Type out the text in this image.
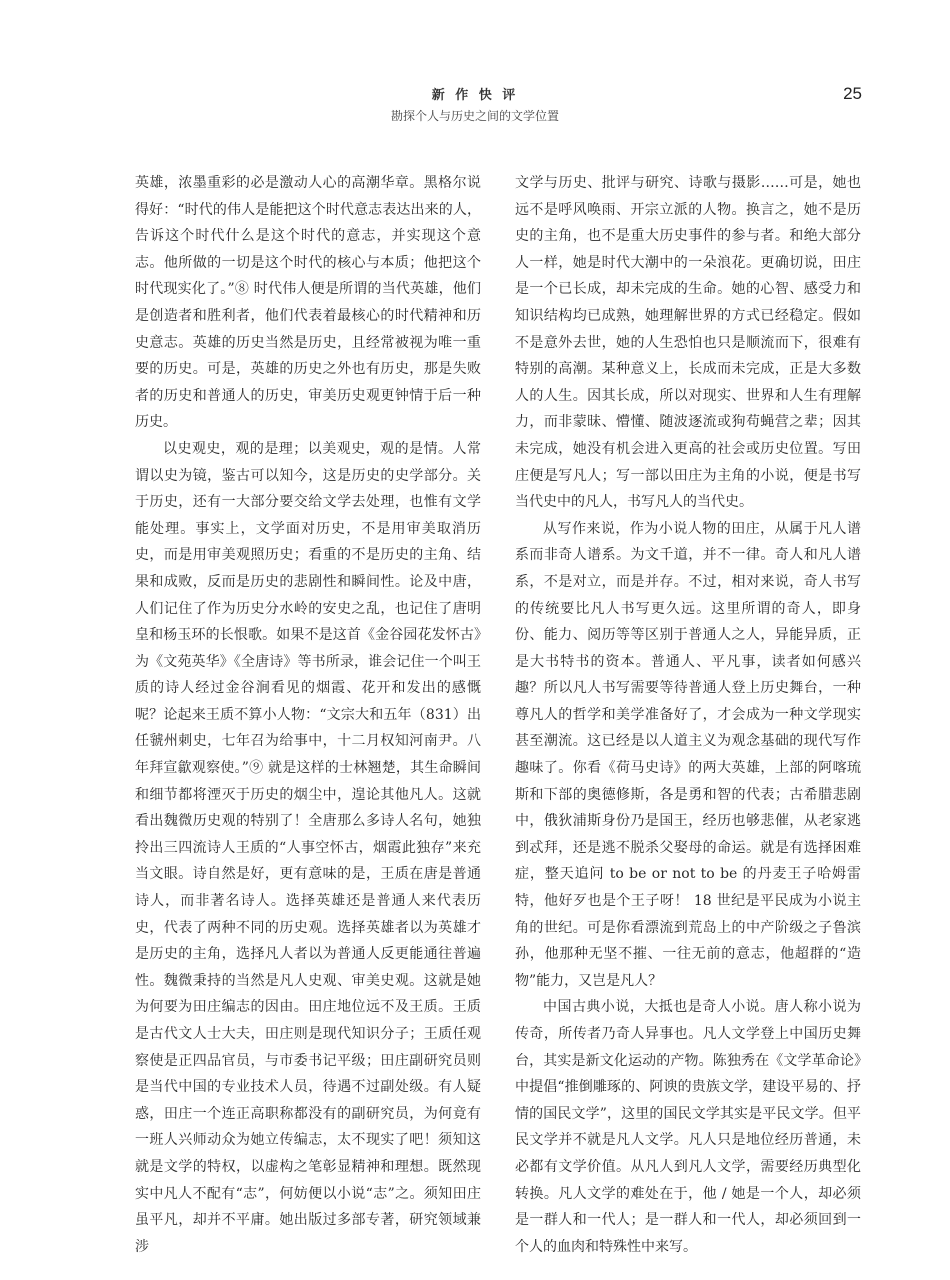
新 作 快 评
勘探个人与历史之间的文学位置
25

英雄，浓墨重彩的必是激动人心的高潮华章。黑格尔说得好：“时代的伟人是能把这个时代意志表达出来的人，告诉这个时代什么是这个时代的意志，并实现这个意志。他所做的一切是这个时代的核心与本质；他把这个时代现实化了。”⑧ 时代伟人便是所谓的当代英雄，他们是创造者和胜利者，他们代表着最核心的时代精神和历史意志。英雄的历史当然是历史，且经常被视为唯一重要的历史。可是，英雄的历史之外也有历史，那是失败者的历史和普通人的历史，审美历史观更钟情于后一种历史。

以史观史，观的是理；以美观史，观的是情。人常谓以史为镜，鉴古可以知今，这是历史的史学部分。关于历史，还有一大部分要交给文学去处理，也惟有文学能处理。事实上，文学面对历史，不是用审美取消历史，而是用审美观照历史；看重的不是历史的主角、结果和成败，反而是历史的悲剧性和瞬间性。论及中唐，人们记住了作为历史分水岭的安史之乱，也记住了唐明皇和杨玉环的长恨歌。如果不是这首《金谷园花发怀古》为《文苑英华》《全唐诗》等书所录，谁会记住一个叫王质的诗人经过金谷涧看见的烟霞、花开和发出的感慨呢？论起来王质不算小人物：“文宗大和五年（831）出任虢州刺史，七年召为给事中，十二月权知河南尹。八年拜宣歙观察使。”⑨ 就是这样的士林翘楚，其生命瞬间和细节都将湮灭于历史的烟尘中，遑论其他凡人。这就看出魏微历史观的特别了！全唐那么多诗人名句，她独拎出三四流诗人王质的“人事空怀古，烟霞此独存”来充当文眼。诗自然是好，更有意味的是，王质在唐是普通诗人，而非著名诗人。选择英雄还是普通人来代表历史，代表了两种不同的历史观。选择英雄者以为英雄才是历史的主角，选择凡人者以为普通人反更能通往普遍性。魏微秉持的当然是凡人史观、审美史观。这就是她为何要为田庄编志的因由。田庄地位远不及王质。王质是古代文人士大夫，田庄则是现代知识分子；王质任观察使是正四品官员，与市委书记平级；田庄副研究员则是当代中国的专业技术人员，待遇不过副处级。有人疑惑，田庄一个连正高职称都没有的副研究员，为何竟有一班人兴师动众为她立传编志，太不现实了吧！须知这就是文学的特权，以虚构之笔彰显精神和理想。既然现实中凡人不配有“志”，何妨便以小说“志”之。须知田庄虽平凡，却并不平庸。她出版过多部专著，研究领域兼涉

文学与历史、批评与研究、诗歌与摄影……可是，她也远不是呼风唤雨、开宗立派的人物。换言之，她不是历史的主角，也不是重大历史事件的参与者。和绝大部分人一样，她是时代大潮中的一朵浪花。更确切说，田庄是一个已长成，却未完成的生命。她的心智、感受力和知识结构均已成熟，她理解世界的方式已经稳定。假如不是意外去世，她的人生恐怕也只是顺流而下，很难有特别的高潮。某种意义上，长成而未完成，正是大多数人的人生。因其长成，所以对现实、世界和人生有理解力，而非蒙昧、懵懂、随波逐流或狗苟蝇营之辈；因其未完成，她没有机会进入更高的社会或历史位置。写田庄便是写凡人；写一部以田庄为主角的小说，便是书写当代史中的凡人，书写凡人的当代史。

从写作来说，作为小说人物的田庄，从属于凡人谱系而非奇人谱系。为文千道，并不一律。奇人和凡人谱系，不是对立，而是并存。不过，相对来说，奇人书写的传统要比凡人书写更久远。这里所谓的奇人，即身份、能力、阅历等等区别于普通人之人，异能异质，正是大书特书的资本。普通人、平凡事，读者如何感兴趣？所以凡人书写需要等待普通人登上历史舞台，一种尊凡人的哲学和美学准备好了，才会成为一种文学现实甚至潮流。这已经是以人道主义为观念基础的现代写作趣味了。你看《荷马史诗》的两大英雄，上部的阿喀琉斯和下部的奥德修斯，各是勇和智的代表；古希腊悲剧中，俄狄浦斯身份乃是国王，经历也够悲催，从老家逃到忒拜，还是逃不脱杀父娶母的命运。就是有选择困难症，整天追问 to be or not to be 的丹麦王子哈姆雷特，他好歹也是个王子呀！ 18 世纪是平民成为小说主角的世纪。可是你看漂流到荒岛上的中产阶级之子鲁滨孙，他那种无坚不摧、一往无前的意志，他超群的“造物”能力，又岂是凡人？

中国古典小说，大抵也是奇人小说。唐人称小说为传奇，所传者乃奇人异事也。凡人文学登上中国历史舞台，其实是新文化运动的产物。陈独秀在《文学革命论》中提倡“推倒雕琢的、阿谀的贵族文学，建设平易的、抒情的国民文学”，这里的国民文学其实是平民文学。但平民文学并不就是凡人文学。凡人只是地位经历普通，未必都有文学价值。从凡人到凡人文学，需要经历典型化转换。凡人文学的难处在于，他 / 她是一个人，却必须是一群人和一代人；是一群人和一代人，却必须回到一个人的血肉和特殊性中来写。
